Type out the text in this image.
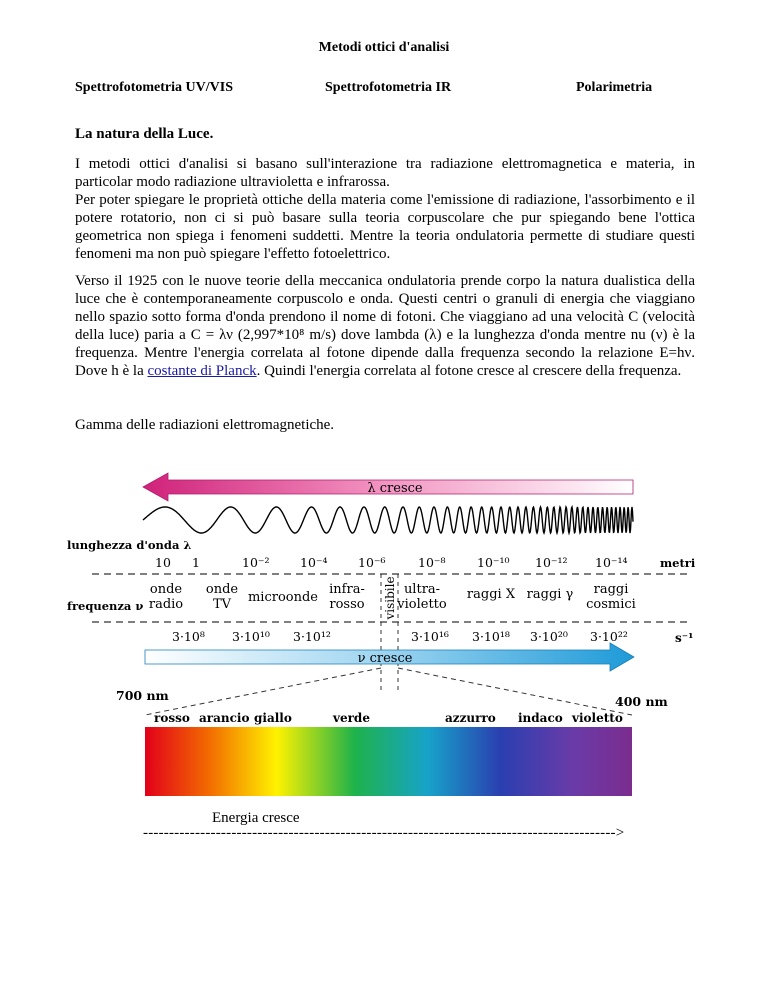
Metodi ottici d'analisi
Spettrofotometria UV/VIS	Spettrofotometria IR	Polarimetria
La natura della Luce.

I metodi ottici d'analisi si basano sull'interazione tra radiazione elettromagnetica e materia, in particolar modo radiazione ultravioletta e infrarossa.

Per poter spiegare le proprietà ottiche della materia come l'emissione di radiazione, l'assorbimento e il potere rotatorio, non ci si può basare sulla teoria corpuscolare che pur spiegando bene l'ottica geometrica non spiega i fenomeni suddetti. Mentre la teoria ondulatoria permette di studiare questi fenomeni ma non può spiegare l'effetto fotoelettrico.

Verso il 1925 con le nuove teorie della meccanica ondulatoria prende corpo la natura dualistica della luce che è contemporaneamente corpuscolo e onda. Questi centri o granuli di energia che viaggiano nello spazio sotto forma d'onda prendono il nome di fotoni. Che viaggiano ad una velocità C (velocità della luce) paria a C = λν (2,997*10⁸ m/s) dove lambda (λ) e la lunghezza d'onda mentre nu (ν) è la frequenza. Mentre l'energia correlata al fotone dipende dalla frequenza secondo la relazione E=hν. Dove h è la costante di Planck. Quindi l'energia correlata al fotone cresce al crescere della frequenza.
Gamma delle radiazioni elettromagnetiche.
λ cresce
lunghezza d'onda λ
metri
frequenza ν
s⁻¹
10 1	10⁻² 10⁻⁴ 10⁻⁶	10⁻⁸	10⁻¹⁰ 10⁻¹² 10⁻¹⁴
onde
radio
onde
TV microonde
infra-
rosso visibile ultra-
violetto
raggi X raggi γ raggi
cosmici
3·10⁸ 3·10¹⁰ 3·10¹²	3·10¹⁶ 3·10¹⁸ 3·10²⁰ 3·10²²
ν cresce
700 nm	400 nm
rosso arancio giallo	verde	azzurro indaco violetto
Energia cresce
------------------------------------------------------------------------------------------->
